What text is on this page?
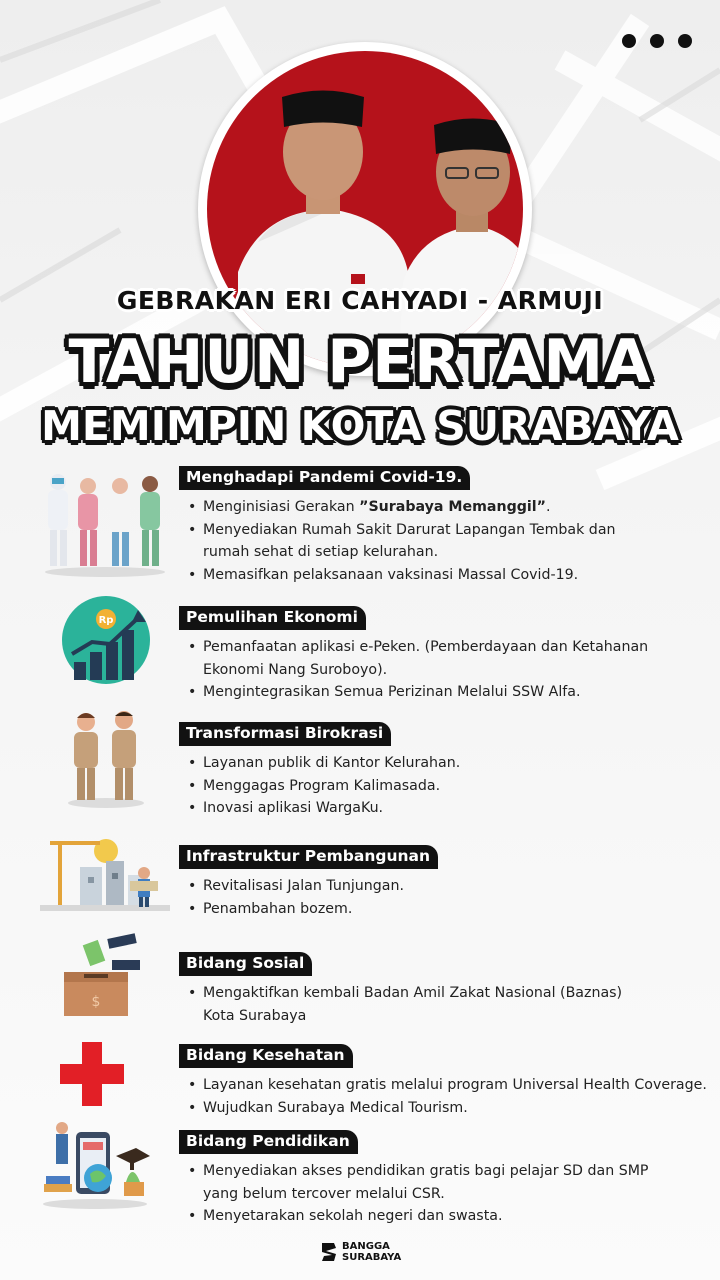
GEBRAKAN ERI CAHYADI - ARMUJI
TAHUN PERTAMA
MEMIMPIN KOTA SURABAYA
Menghadapi Pandemi Covid-19.
• Menginisiasi Gerakan ”Surabaya Memanggil”.
• Menyediakan Rumah Sakit Darurat Lapangan Tembak dan
rumah sehat di setiap kelurahan.
• Memasifkan pelaksanaan vaksinasi Massal Covid-19.
Rp	Pemulihan Ekonomi
• Pemanfaatan aplikasi e-Peken. (Pemberdayaan dan Ketahanan
Ekonomi Nang Suroboyo).
• Mengintegrasikan Semua Perizinan Melalui SSW Alfa.
Transformasi Birokrasi
• Layanan publik di Kantor Kelurahan.
• Menggagas Program Kalimasada.
• Inovasi aplikasi WargaKu.
Infrastruktur Pembangunan
• Revitalisasi Jalan Tunjungan.
• Penambahan bozem.
$
Bidang Sosial
• Mengaktifkan kembali Badan Amil Zakat Nasional (Baznas)
Kota Surabaya
Bidang Kesehatan
• Layanan kesehatan gratis melalui program Universal Health Coverage.
• Wujudkan Surabaya Medical Tourism.
Bidang Pendidikan
• Menyediakan akses pendidikan gratis bagi pelajar SD dan SMP
yang belum tercover melalui CSR.
• Menyetarakan sekolah negeri dan swasta.
BANGGA
SURABAYA
